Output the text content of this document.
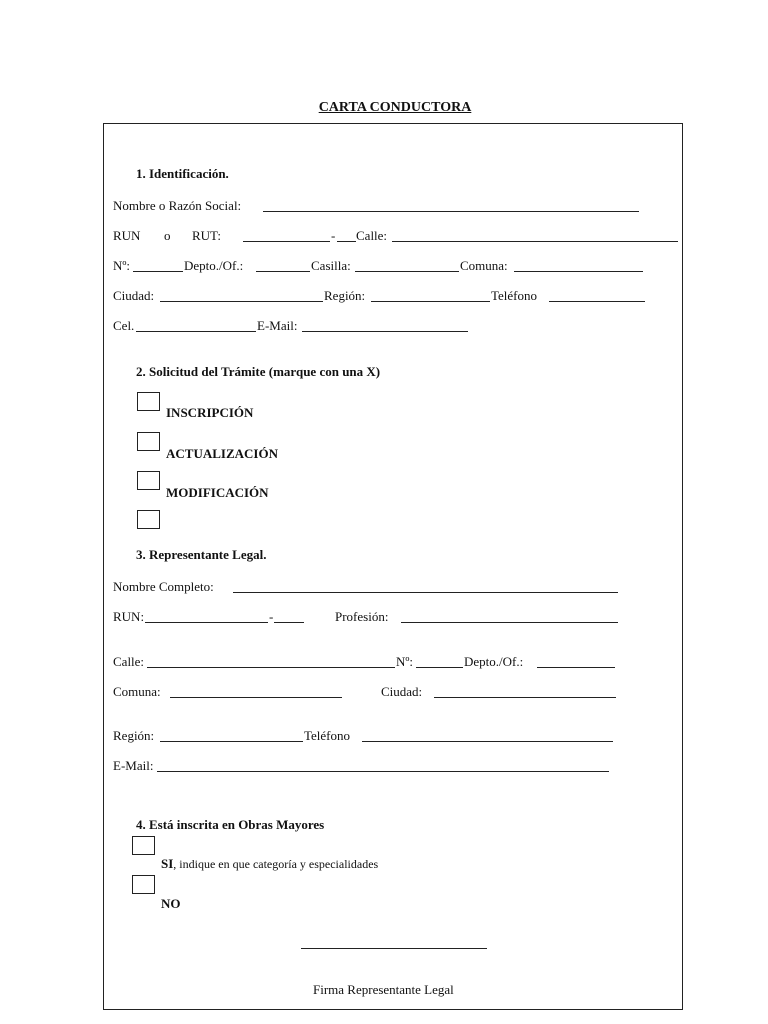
CARTA CONDUCTORA
1. Identificación.
Nombre o Razón Social:
RUN o RUT:	- Calle:
Nº:	Depto./Of.:	Casilla:	Comuna:
Ciudad:	Región:	Teléfono
Cel.	E-Mail:
2. Solicitud del Trámite (marque con una X)
INSCRIPCIÓN
ACTUALIZACIÓN
MODIFICACIÓN
3. Representante Legal.
Nombre Completo:
RUN:	-	Profesión:
Calle:	Nº:	Depto./Of.:
Comuna:	Ciudad:
Región:	Teléfono
E-Mail:
4. Está inscrita en Obras Mayores
SI, indique en que categoría y especialidades
NO
Firma Representante Legal
